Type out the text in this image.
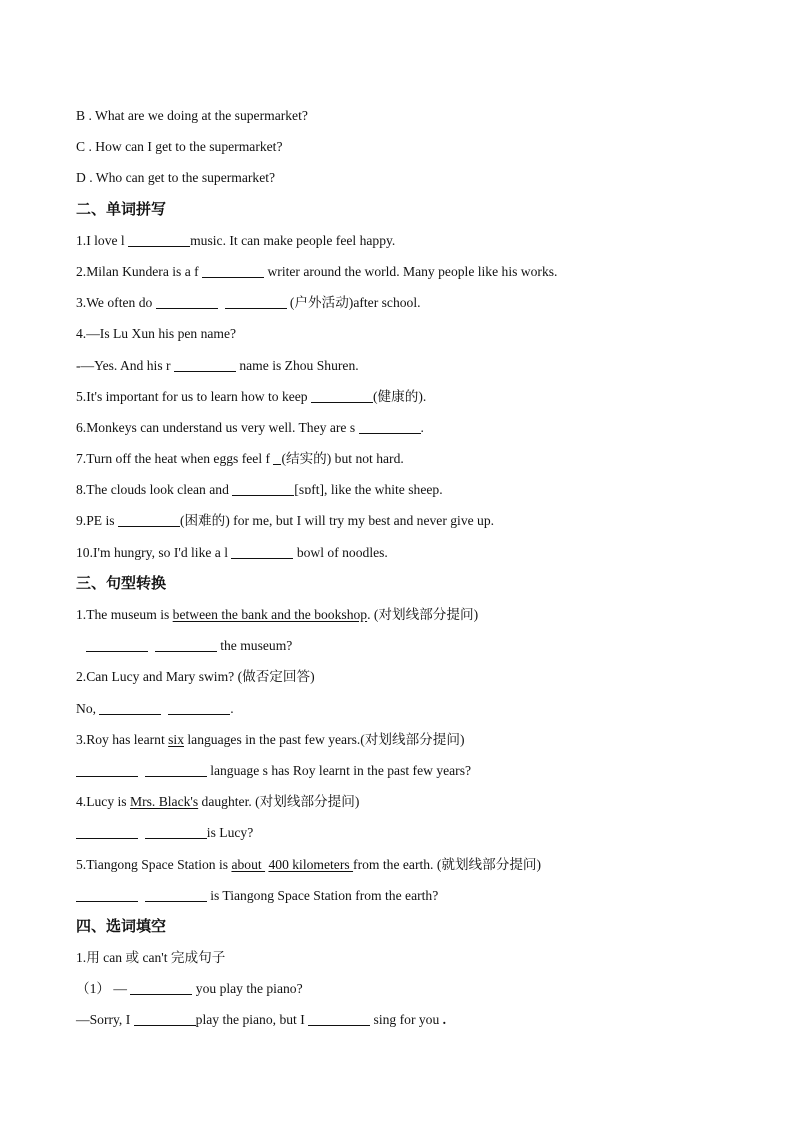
B . What are we doing at the supermarket?
C . How can I get to the supermarket?
D . Who can get to the supermarket?
二、单词拼写
1.I love l	music. It can make people feel happy.
2.Milan Kundera is a f	writer around the world. Many people like his works.
3.We often do	(户外活动)after school.
4.—Is Lu Xun his pen name?
-—Yes. And his r	name is Zhou Shuren.
5.It's important for us to learn how to keep	(健康的).
6.Monkeys can understand us very well. They are s	.
7.Turn off the heat when eggs feel f (结实的) but not hard.
8.The clouds look clean and	[sɒft], like the white sheep.
9.PE is	(困难的) for me, but I will try my best and never give up.
10.I'm hungry, so I'd like a l	bowl of noodles.
三、句型转换
1.The museum is between the bank and the bookshop. (对划线部分提问)
the museum?
2.Can Lucy and Mary swim? (做否定回答)
No,	.
3.Roy has learnt six languages in the past few years.(对划线部分提问)
language s has Roy learnt in the past few years?
4.Lucy is Mrs. Black's daughter. (对划线部分提问)
is Lucy?
5.Tiangong Space Station is about  400 kilometers from the earth. (就划线部分提问)
is Tiangong Space Station from the earth?
四、选词填空
1.用 can 或 can't 完成句子
（1） —	you play the piano?
—Sorry, I	play the piano, but I	sing for you .
